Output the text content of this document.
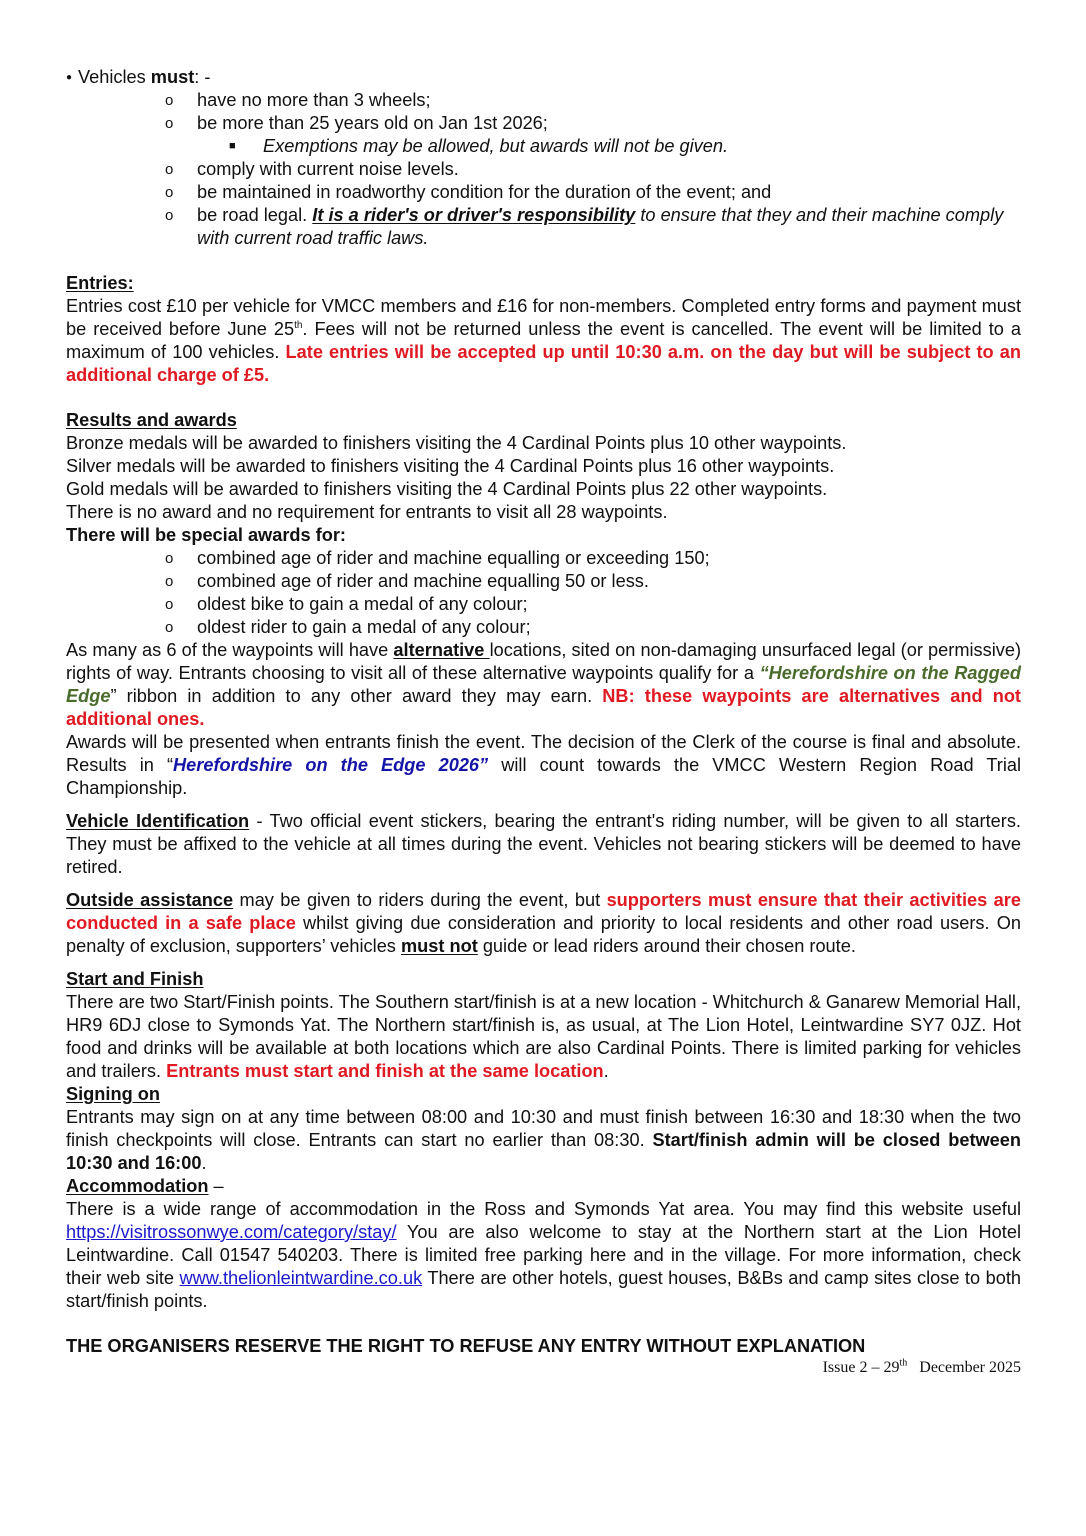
● Vehicles must: -
o have no more than 3 wheels;
o be more than 25 years old on Jan 1st 2026;
■ Exemptions may be allowed, but awards will not be given.
o comply with current noise levels.
o be maintained in roadworthy condition for the duration of the event; and
o be road legal. It is a rider's or driver's responsibility to ensure that they and their machine comply with current road traffic laws.

Entries:

Entries cost £10 per vehicle for VMCC members and £16 for non-members. Completed entry forms and payment must be received before June 25th. Fees will not be returned unless the event is cancelled. The event will be limited to a maximum of 100 vehicles. Late entries will be accepted up until 10:30 a.m. on the day but will be subject to an additional charge of £5.

Results and awards

Bronze medals will be awarded to finishers visiting the 4 Cardinal Points plus 10 other waypoints.

Silver medals will be awarded to finishers visiting the 4 Cardinal Points plus 16 other waypoints.

Gold medals will be awarded to finishers visiting the 4 Cardinal Points plus 22 other waypoints.

There is no award and no requirement for entrants to visit all 28 waypoints.

There will be special awards for:

o combined age of rider and machine equalling or exceeding 150;
o combined age of rider and machine equalling 50 or less.
o oldest bike to gain a medal of any colour;
o oldest rider to gain a medal of any colour;

As many as 6 of the waypoints will have alternative locations, sited on non-damaging unsurfaced legal (or permissive) rights of way. Entrants choosing to visit all of these alternative waypoints qualify for a “Herefordshire on the Ragged Edge” ribbon in addition to any other award they may earn. NB: these waypoints are alternatives and not additional ones.

Awards will be presented when entrants finish the event. The decision of the Clerk of the course is final and absolute. Results in “Herefordshire on the Edge 2026” will count towards the VMCC Western Region Road Trial Championship.

Vehicle Identification - Two official event stickers, bearing the entrant's riding number, will be given to all starters. They must be affixed to the vehicle at all times during the event. Vehicles not bearing stickers will be deemed to have retired.

Outside assistance may be given to riders during the event, but supporters must ensure that their activities are conducted in a safe place whilst giving due consideration and priority to local residents and other road users. On penalty of exclusion, supporters’ vehicles must not guide or lead riders around their chosen route.

Start and Finish

There are two Start/Finish points. The Southern start/finish is at a new location - Whitchurch & Ganarew Memorial Hall, HR9 6DJ close to Symonds Yat. The Northern start/finish is, as usual, at The Lion Hotel, Leintwardine SY7 0JZ. Hot food and drinks will be available at both locations which are also Cardinal Points. There is limited parking for vehicles and trailers. Entrants must start and finish at the same location.

Signing on

Entrants may sign on at any time between 08:00 and 10:30 and must finish between 16:30 and 18:30 when the two finish checkpoints will close. Entrants can start no earlier than 08:30. Start/finish admin will be closed between 10:30 and 16:00.

Accommodation –

There is a wide range of accommodation in the Ross and Symonds Yat area. You may find this website useful https://visitrossonwye.com/category/stay/ You are also welcome to stay at the Northern start at the Lion Hotel Leintwardine. Call 01547 540203. There is limited free parking here and in the village. For more information, check their web site www.thelionleintwardine.co.uk There are other hotels, guest houses, B&Bs and camp sites close to both start/finish points.

THE ORGANISERS RESERVE THE RIGHT TO REFUSE ANY ENTRY WITHOUT EXPLANATION

Issue 2 – 29th   December 2025
